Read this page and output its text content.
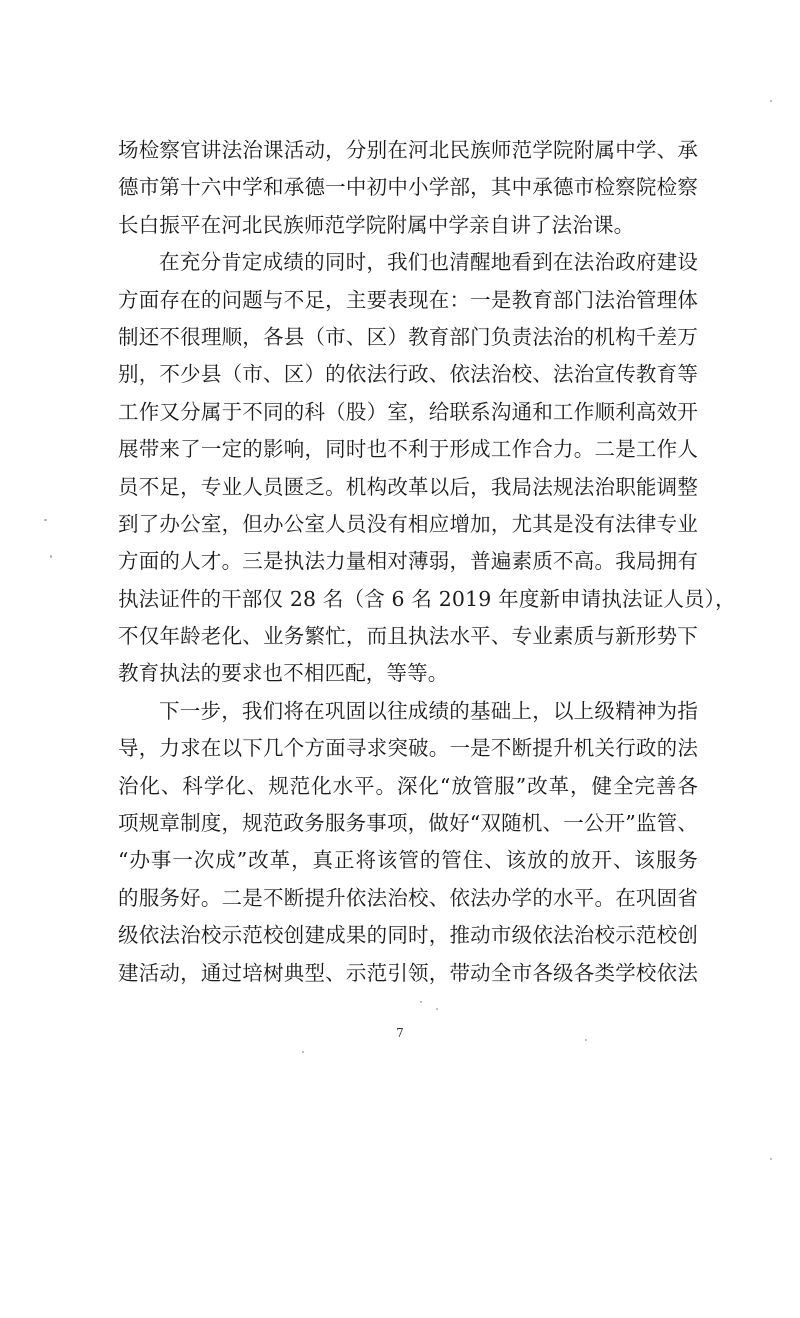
场检察官讲法治课活动，分别在河北民族师范学院附属中学、承
德市第十六中学和承德一中初中小学部，其中承德市检察院检察
长白振平在河北民族师范学院附属中学亲自讲了法治课。
在充分肯定成绩的同时，我们也清醒地看到在法治政府建设
方面存在的问题与不足，主要表现在：一是教育部门法治管理体
制还不很理顺，各县（市、区）教育部门负责法治的机构千差万
别，不少县（市、区）的依法行政、依法治校、法治宣传教育等
工作又分属于不同的科（股）室，给联系沟通和工作顺利高效开
展带来了一定的影响，同时也不利于形成工作合力。二是工作人
员不足，专业人员匮乏。机构改革以后，我局法规法治职能调整
到了办公室，但办公室人员没有相应增加，尤其是没有法律专业
方面的人才。三是执法力量相对薄弱，普遍素质不高。我局拥有
执法证件的干部仅 28 名（含 6 名 2019 年度新申请执法证人员），
不仅年龄老化、业务繁忙，而且执法水平、专业素质与新形势下
教育执法的要求也不相匹配，等等。
下一步，我们将在巩固以往成绩的基础上，以上级精神为指
导，力求在以下几个方面寻求突破。一是不断提升机关行政的法
治化、科学化、规范化水平。深化“放管服”改革，健全完善各
项规章制度，规范政务服务事项，做好“双随机、一公开”监管、
“办事一次成”改革，真正将该管的管住、该放的放开、该服务
的服务好。二是不断提升依法治校、依法办学的水平。在巩固省
级依法治校示范校创建成果的同时，推动市级依法治校示范校创
建活动，通过培树典型、示范引领，带动全市各级各类学校依法
7
